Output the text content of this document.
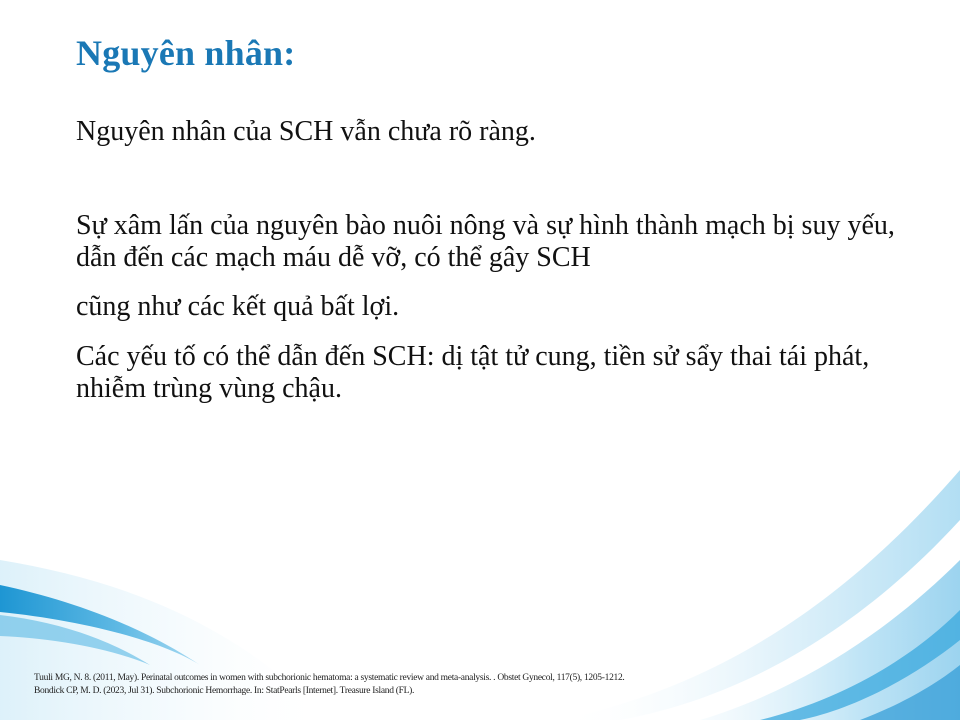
Nguyên nhân:
Nguyên nhân của SCH vẫn chưa rõ ràng.
Sự xâm lấn của nguyên bào nuôi nông và sự hình thành mạch bị suy yếu, dẫn đến các mạch máu dễ vỡ, có thể gây SCH
cũng như các kết quả bất lợi.
Các yếu tố có thể dẫn đến SCH: dị tật tử cung, tiền sử sẩy thai tái phát, nhiễm trùng vùng chậu.
Tuuli MG, N. 8. (2011, May). Perinatal outcomes in women with subchorionic hematoma: a systematic review and meta-analysis. . Obstet Gynecol, 117(5), 1205-1212.
Bondick CP, M. D. (2023, Jul 31). Subchorionic Hemorrhage. In: StatPearls [Internet]. Treasure Island (FL).
